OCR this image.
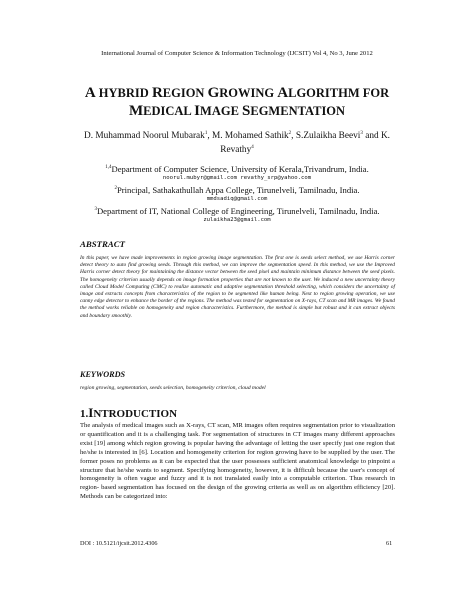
International Journal of Computer Science & Information Technology (IJCSIT) Vol 4, No 3, June 2012
A HYBRID REGION GROWING ALGORITHM FOR
MEDICAL IMAGE SEGMENTATION
D. Muhammad Noorul Mubarak$^1$, M. Mohamed Sathik$^2$, S.Zulaikha Beevi$^3$ and K. Revathy$^4$
$^{1,4}$Department of Computer Science, University of Kerala,Trivandrum, India.
noorul.mubyr@gmail.com revathy_srp@yahoo.com
$^2$Principal, Sathakathullah Appa College, Tirunelveli, Tamilnadu, India.
mmdsadiq@gmail.com
$^3$Department of IT, National College of Engineering, Tirunelveli, Tamilnadu, India.
zulaikha23@gmail.com
ABSTRACT
In this paper, we have made improvements in region growing image segmentation. The first one is seeds select method, we use Harris corner detect theory to auto find growing seeds. Through this method, we can improve the segmentation speed. In this method, we use the Improved Harris corner detect theory for maintaining the distance vector between the seed pixel and maintain minimum distance between the seed pixels. The homogeneity criterion usually depends on image formation properties that are not known to the user. We induced a new uncertainty theory called Cloud Model Computing (CMC) to realize automatic and adaptive segmentation threshold selecting, which considers the uncertainty of image and extracts concepts from characteristics of the region to be segmented like human being. Next to region growing operation, we use canny edge detector to enhance the border of the regions. The method was tested for segmentation on X-rays, CT scan and MR images. We found the method works reliable on homogeneity and region characteristics. Furthermore, the method is simple but robust and it can extract objects and boundary smoothly.
KEYWORDS
region growing, segmentation, seeds selection, homogeneity criterion, cloud model
1.INTRODUCTION
The analysis of medical images such as X-rays, CT scan, MR images often requires segmentation prior to visualization or quantification and it is a challenging task. For segmentation of structures in CT images many different approaches exist [19] among which region growing is popular having the advantage of letting the user specify just one region that he/she is interested in [6]. Location and homogeneity criterion for region growing have to be supplied by the user. The former poses no problems as it can be expected that the user possesses sufficient anatomical knowledge to pinpoint a structure that he/she wants to segment. Specifying homogeneity, however, it is difficult because the user's concept of homogeneity is often vague and fuzzy and it is not translated easily into a computable criterion. Thus research in region- based segmentation has focused on the design of the growing criteria as well as on algorithm efficiency [20]. Methods can be categorized into:
DOI : 10.5121/ijcsit.2012.4306	61
